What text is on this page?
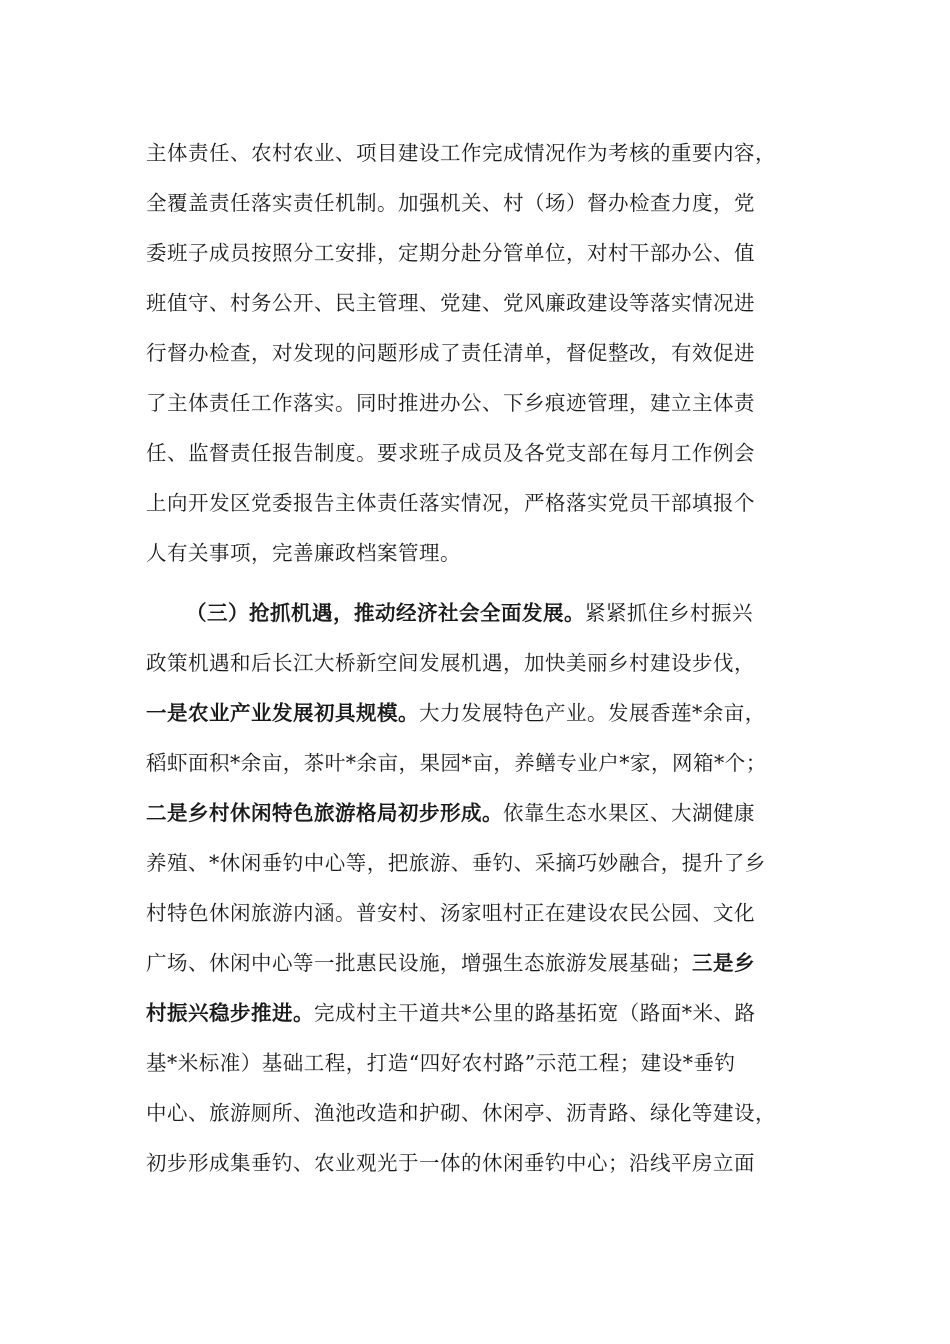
主体责任、农村农业、项目建设工作完成情况作为考核的重要内容，
全覆盖责任落实责任机制。加强机关、村（场）督办检查力度，党
委班子成员按照分工安排，定期分赴分管单位，对村干部办公、值
班值守、村务公开、民主管理、党建、党风廉政建设等落实情况进
行督办检查，对发现的问题形成了责任清单，督促整改，有效促进
了主体责任工作落实。同时推进办公、下乡痕迹管理，建立主体责
任、监督责任报告制度。要求班子成员及各党支部在每月工作例会
上向开发区党委报告主体责任落实情况，严格落实党员干部填报个
人有关事项，完善廉政档案管理。
（三）抢抓机遇，推动经济社会全面发展。紧紧抓住乡村振兴
政策机遇和后长江大桥新空间发展机遇，加快美丽乡村建设步伐，
一是农业产业发展初具规模。大力发展特色产业。发展香莲*余亩，
稻虾面积*余亩，茶叶*余亩，果园*亩，养鳝专业户*家，网箱*个；
二是乡村休闲特色旅游格局初步形成。依靠生态水果区、大湖健康
养殖、*休闲垂钓中心等，把旅游、垂钓、采摘巧妙融合，提升了乡
村特色休闲旅游内涵。普安村、汤家咀村正在建设农民公园、文化
广场、休闲中心等一批惠民设施，增强生态旅游发展基础；三是乡
村振兴稳步推进。完成村主干道共*公里的路基拓宽（路面*米、路
基*米标准）基础工程，打造“四好农村路”示范工程；建设*垂钓
中心、旅游厕所、渔池改造和护砌、休闲亭、沥青路、绿化等建设，
初步形成集垂钓、农业观光于一体的休闲垂钓中心；沿线平房立面
